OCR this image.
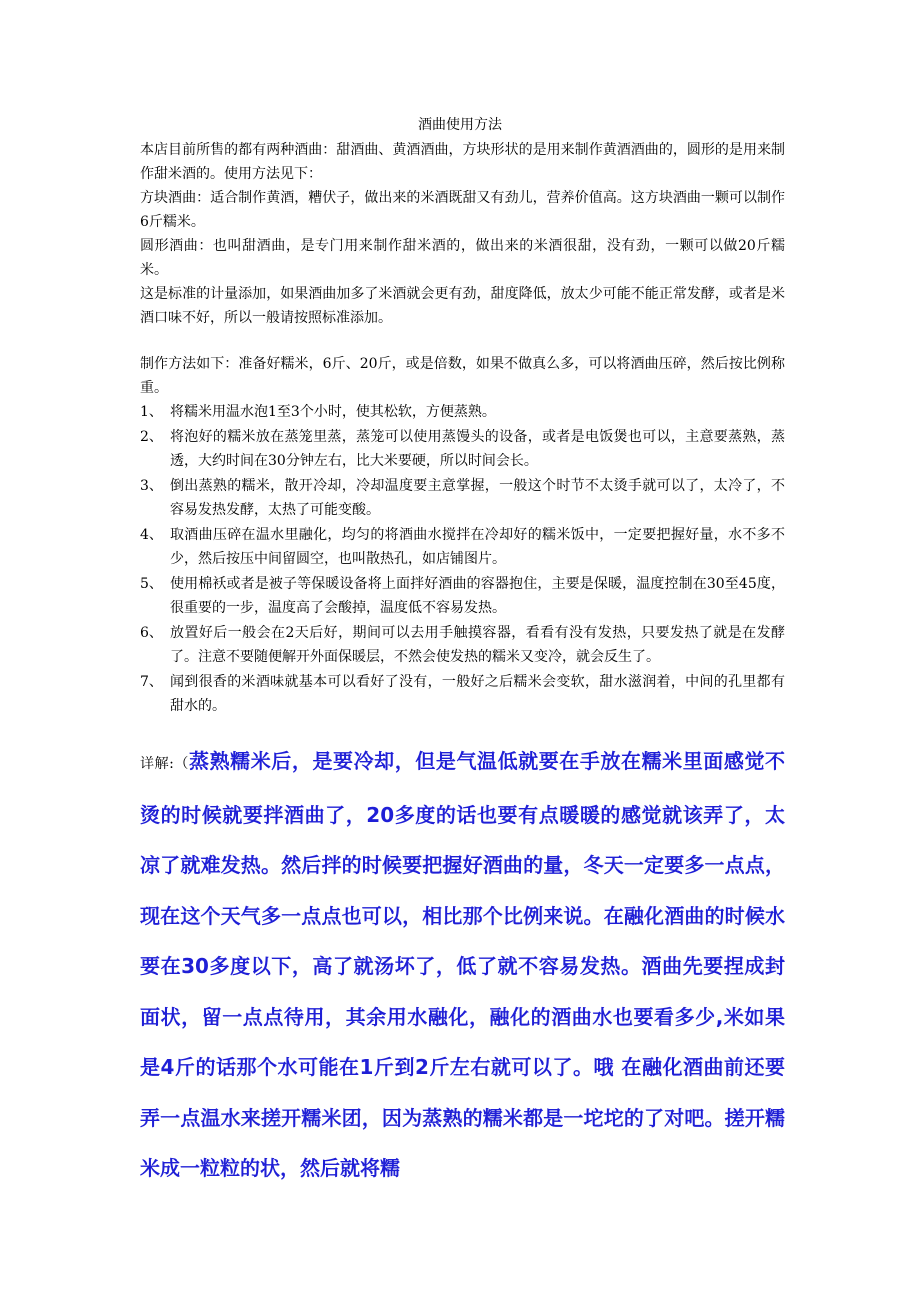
酒曲使用方法
本店目前所售的都有两种酒曲：甜酒曲、黄酒酒曲，方块形状的是用来制作黄酒酒曲的，圆形的是用来制作甜米酒的。使用方法见下：
方块酒曲：适合制作黄酒，糟伏子，做出来的米酒既甜又有劲儿，营养价值高。这方块酒曲一颗可以制作6斤糯米。
圆形酒曲：也叫甜酒曲，是专门用来制作甜米酒的，做出来的米酒很甜，没有劲，一颗可以做20斤糯米。
这是标准的计量添加，如果酒曲加多了米酒就会更有劲，甜度降低，放太少可能不能正常发酵，或者是米酒口味不好，所以一般请按照标准添加。
制作方法如下：准备好糯米，6斤、20斤，或是倍数，如果不做真么多，可以将酒曲压碎，然后按比例称重。
1、 将糯米用温水泡1至3个小时，使其松软，方便蒸熟。
2、 将泡好的糯米放在蒸笼里蒸，蒸笼可以使用蒸馒头的设备，或者是电饭煲也可以，主意要蒸熟，蒸透，大约时间在30分钟左右，比大米要硬，所以时间会长。
3、 倒出蒸熟的糯米，散开冷却，冷却温度要主意掌握，一般这个时节不太烫手就可以了，太冷了，不容易发热发酵，太热了可能变酸。
4、 取酒曲压碎在温水里融化，均匀的将酒曲水搅拌在冷却好的糯米饭中，一定要把握好量，水不多不少，然后按压中间留圆空，也叫散热孔，如店铺图片。
5、 使用棉袄或者是被子等保暖设备将上面拌好酒曲的容器抱住，主要是保暖，温度控制在30至45度，很重要的一步，温度高了会酸掉，温度低不容易发热。
6、 放置好后一般会在2天后好，期间可以去用手触摸容器，看看有没有发热，只要发热了就是在发酵了。注意不要随便解开外面保暖层，不然会使发热的糯米又变冷，就会反生了。
7、 闻到很香的米酒味就基本可以看好了没有，一般好之后糯米会变软，甜水滋润着，中间的孔里都有甜水的。
详解:（蒸熟糯米后，是要冷却，但是气温低就要在手放在糯米里面感觉不烫的时候就要拌酒曲了，20多度的话也要有点暖暖的感觉就该弄了，太凉了就难发热。然后拌的时候要把握好酒曲的量，冬天一定要多一点点，现在这个天气多一点点也可以，相比那个比例来说。在融化酒曲的时候水要在30多度以下，高了就汤坏了，低了就不容易发热。酒曲先要捏成封面状，留一点点待用，其余用水融化，融化的酒曲水也要看多少,米如果是4斤的话那个水可能在1斤到2斤左右就可以了。哦 在融化酒曲前还要弄一点温水来搓开糯米团，因为蒸熟的糯米都是一坨坨的了对吧。搓开糯米成一粒粒的状，然后就将糯
